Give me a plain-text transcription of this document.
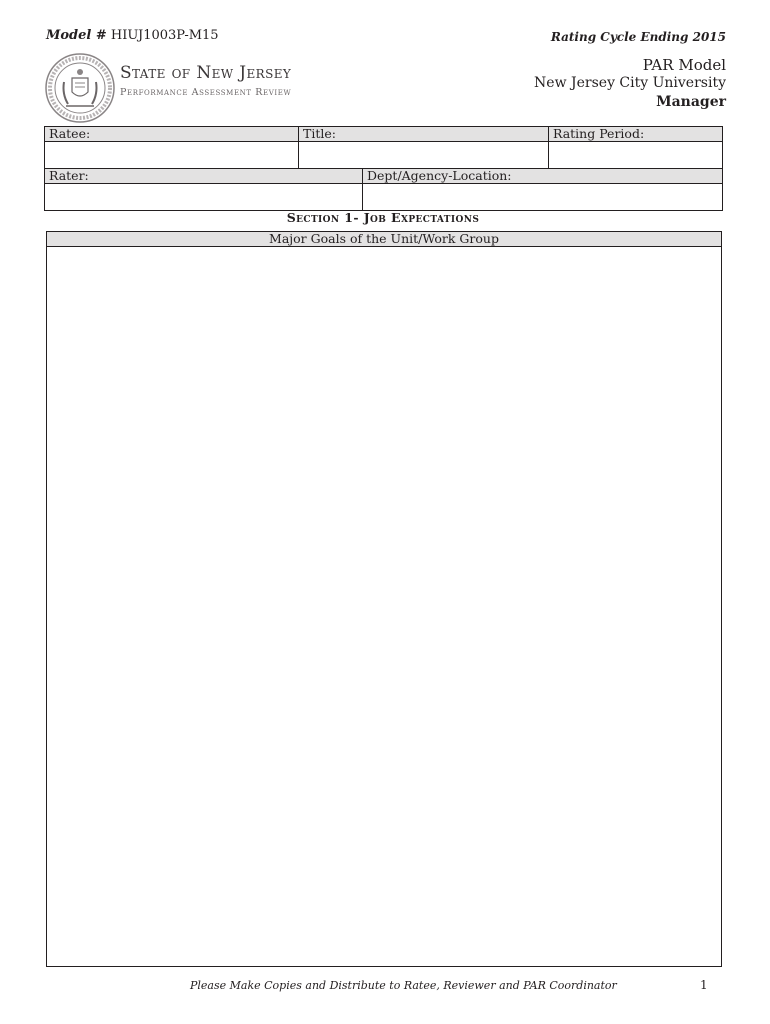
Model # HIUJ1003P-M15	Rating Cycle Ending 2015
State of New Jersey
Performance Assessment Review
PAR Model
New Jersey City University
Manager
Ratee:	Title:		Rating Period:

Rater:		Dept/Agency-Location:	

Section 1- Job Expectations
Major Goals of the Unit/Work Group
Please Make Copies and Distribute to Ratee, Reviewer and PAR Coordinator	1
